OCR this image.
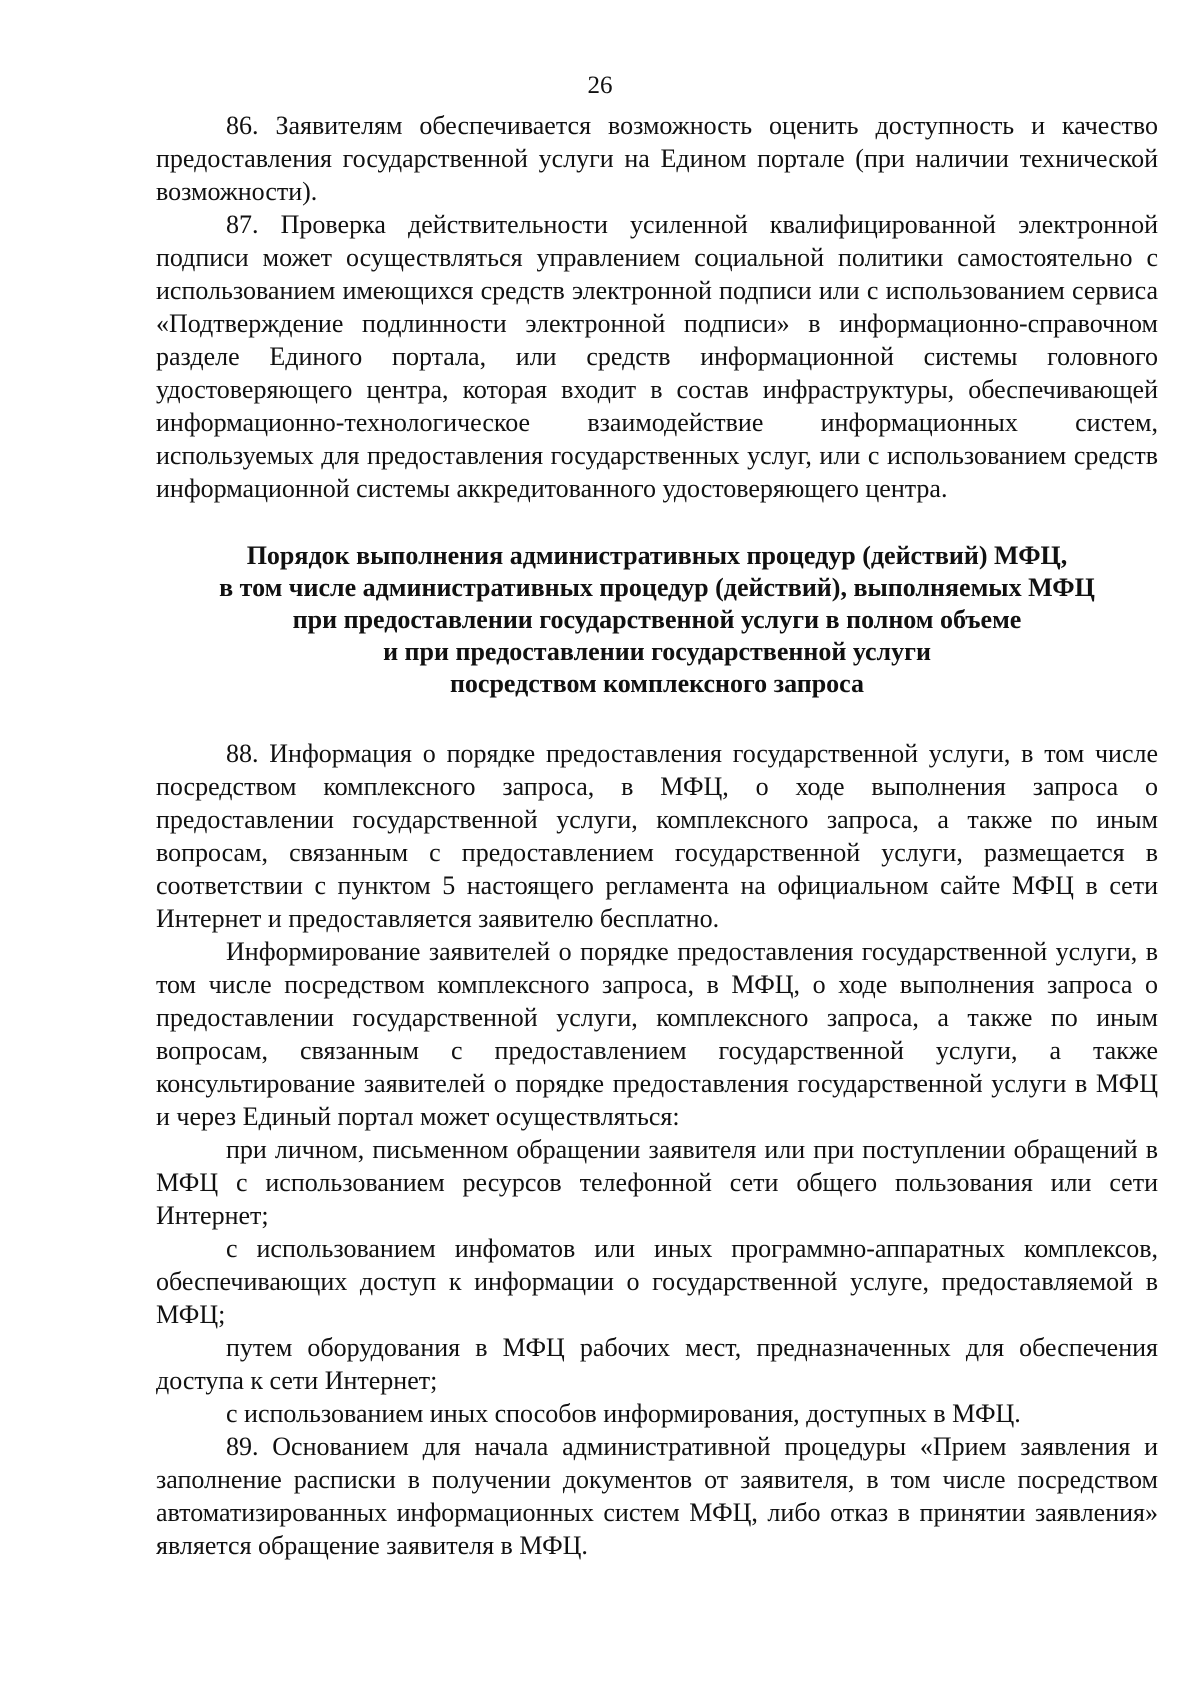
26

86. Заявителям обеспечивается возможность оценить доступность и качество предоставления государственной услуги на Едином портале (при наличии технической возможности).

87. Проверка действительности усиленной квалифицированной электронной подписи может осуществляться управлением социальной политики самостоятельно с использованием имеющихся средств электронной подписи или с использованием сервиса «Подтверждение подлинности электронной подписи» в информационно-справочном разделе Единого портала, или средств информационной системы головного удостоверяющего центра, которая входит в состав инфраструктуры, обеспечивающей информационно-технологическое взаимодействие информационных систем, используемых для предоставления государственных услуг, или с использованием средств информационной системы аккредитованного удостоверяющего центра.

Порядок выполнения административных процедур (действий) МФЦ,
в том числе административных процедур (действий), выполняемых МФЦ
при предоставлении государственной услуги в полном объеме
и при предоставлении государственной услуги
посредством комплексного запроса

88. Информация о порядке предоставления государственной услуги, в том числе посредством комплексного запроса, в МФЦ, о ходе выполнения запроса о предоставлении государственной услуги, комплексного запроса, а также по иным вопросам, связанным с предоставлением государственной услуги, размещается в соответствии с пунктом 5 настоящего регламента на официальном сайте МФЦ в сети Интернет и предоставляется заявителю бесплатно.

Информирование заявителей о порядке предоставления государственной услуги, в том числе посредством комплексного запроса, в МФЦ, о ходе выполнения запроса о предоставлении государственной услуги, комплексного запроса, а также по иным вопросам, связанным с предоставлением государственной услуги, а также консультирование заявителей о порядке предоставления государственной услуги в МФЦ и через Единый портал может осуществляться:

при личном, письменном обращении заявителя или при поступлении обращений в МФЦ с использованием ресурсов телефонной сети общего пользования или сети Интернет;

с использованием инфоматов или иных программно-аппаратных комплексов, обеспечивающих доступ к информации о государственной услуге, предоставляемой в МФЦ;

путем оборудования в МФЦ рабочих мест, предназначенных для обеспечения доступа к сети Интернет;

с использованием иных способов информирования, доступных в МФЦ.

89. Основанием для начала административной процедуры «Прием заявления и заполнение расписки в получении документов от заявителя, в том числе посредством автоматизированных информационных систем МФЦ, либо отказ в принятии заявления» является обращение заявителя в МФЦ.
